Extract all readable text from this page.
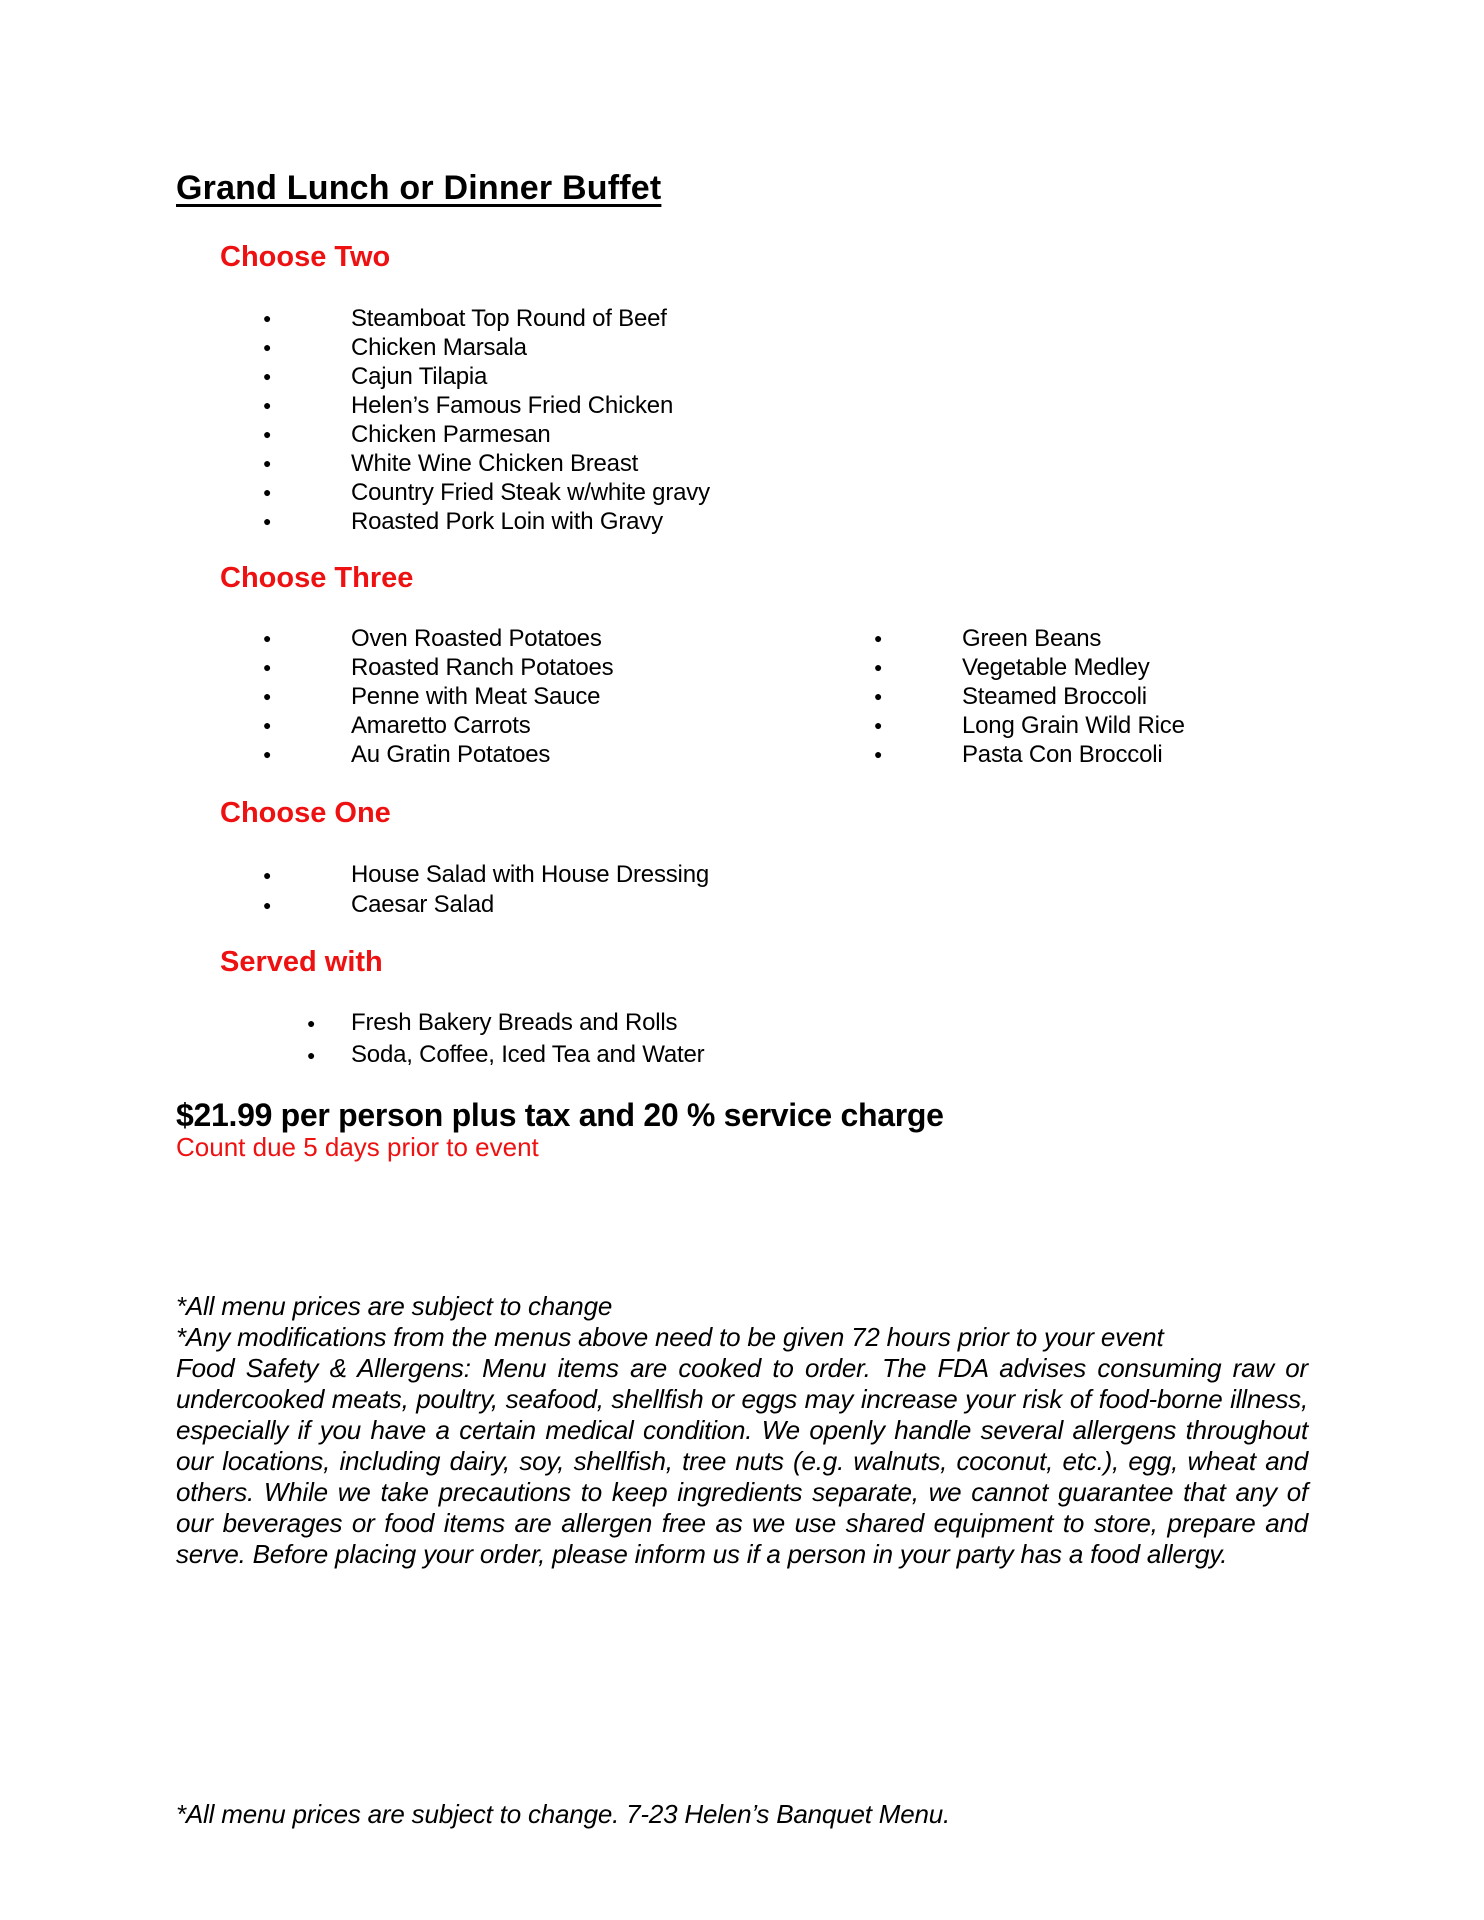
Grand Lunch or Dinner Buffet
Choose Two
●	Steamboat Top Round of Beef
●	Chicken Marsala
●	Cajun Tilapia
●	Helen’s Famous Fried Chicken
●	Chicken Parmesan
●	White Wine Chicken Breast
●	Country Fried Steak w/white gravy
●	Roasted Pork Loin with Gravy
Choose Three
●	Oven Roasted Potatoes
●	Roasted Ranch Potatoes
●	Penne with Meat Sauce
●	Amaretto Carrots
●	Au Gratin Potatoes
●	Green Beans
●	Vegetable Medley
●	Steamed Broccoli
●	Long Grain Wild Rice
●	Pasta Con Broccoli
Choose One
●	House Salad with House Dressing
●	Caesar Salad
Served with
● Fresh Bakery Breads and Rolls
● Soda, Coffee, Iced Tea and Water
$21.99 per person plus tax and 20 % service charge
Count due 5 days prior to event
*All menu prices are subject to change
*Any modifications from the menus above need to be given 72 hours prior to your event
Food Safety & Allergens: Menu items are cooked to order. The FDA advises consuming raw or undercooked meats, poultry, seafood, shellfish or eggs may increase your risk of food-borne illness, especially if you have a certain medical condition. We openly handle several allergens throughout our locations, including dairy, soy, shellfish, tree nuts (e.g. walnuts, coconut, etc.), egg, wheat and others. While we take precautions to keep ingredients separate, we cannot guarantee that any of our beverages or food items are allergen free as we use shared equipment to store, prepare and serve. Before placing your order, please inform us if a person in your party has a food allergy.
*All menu prices are subject to change. 7-23 Helen’s Banquet Menu.
